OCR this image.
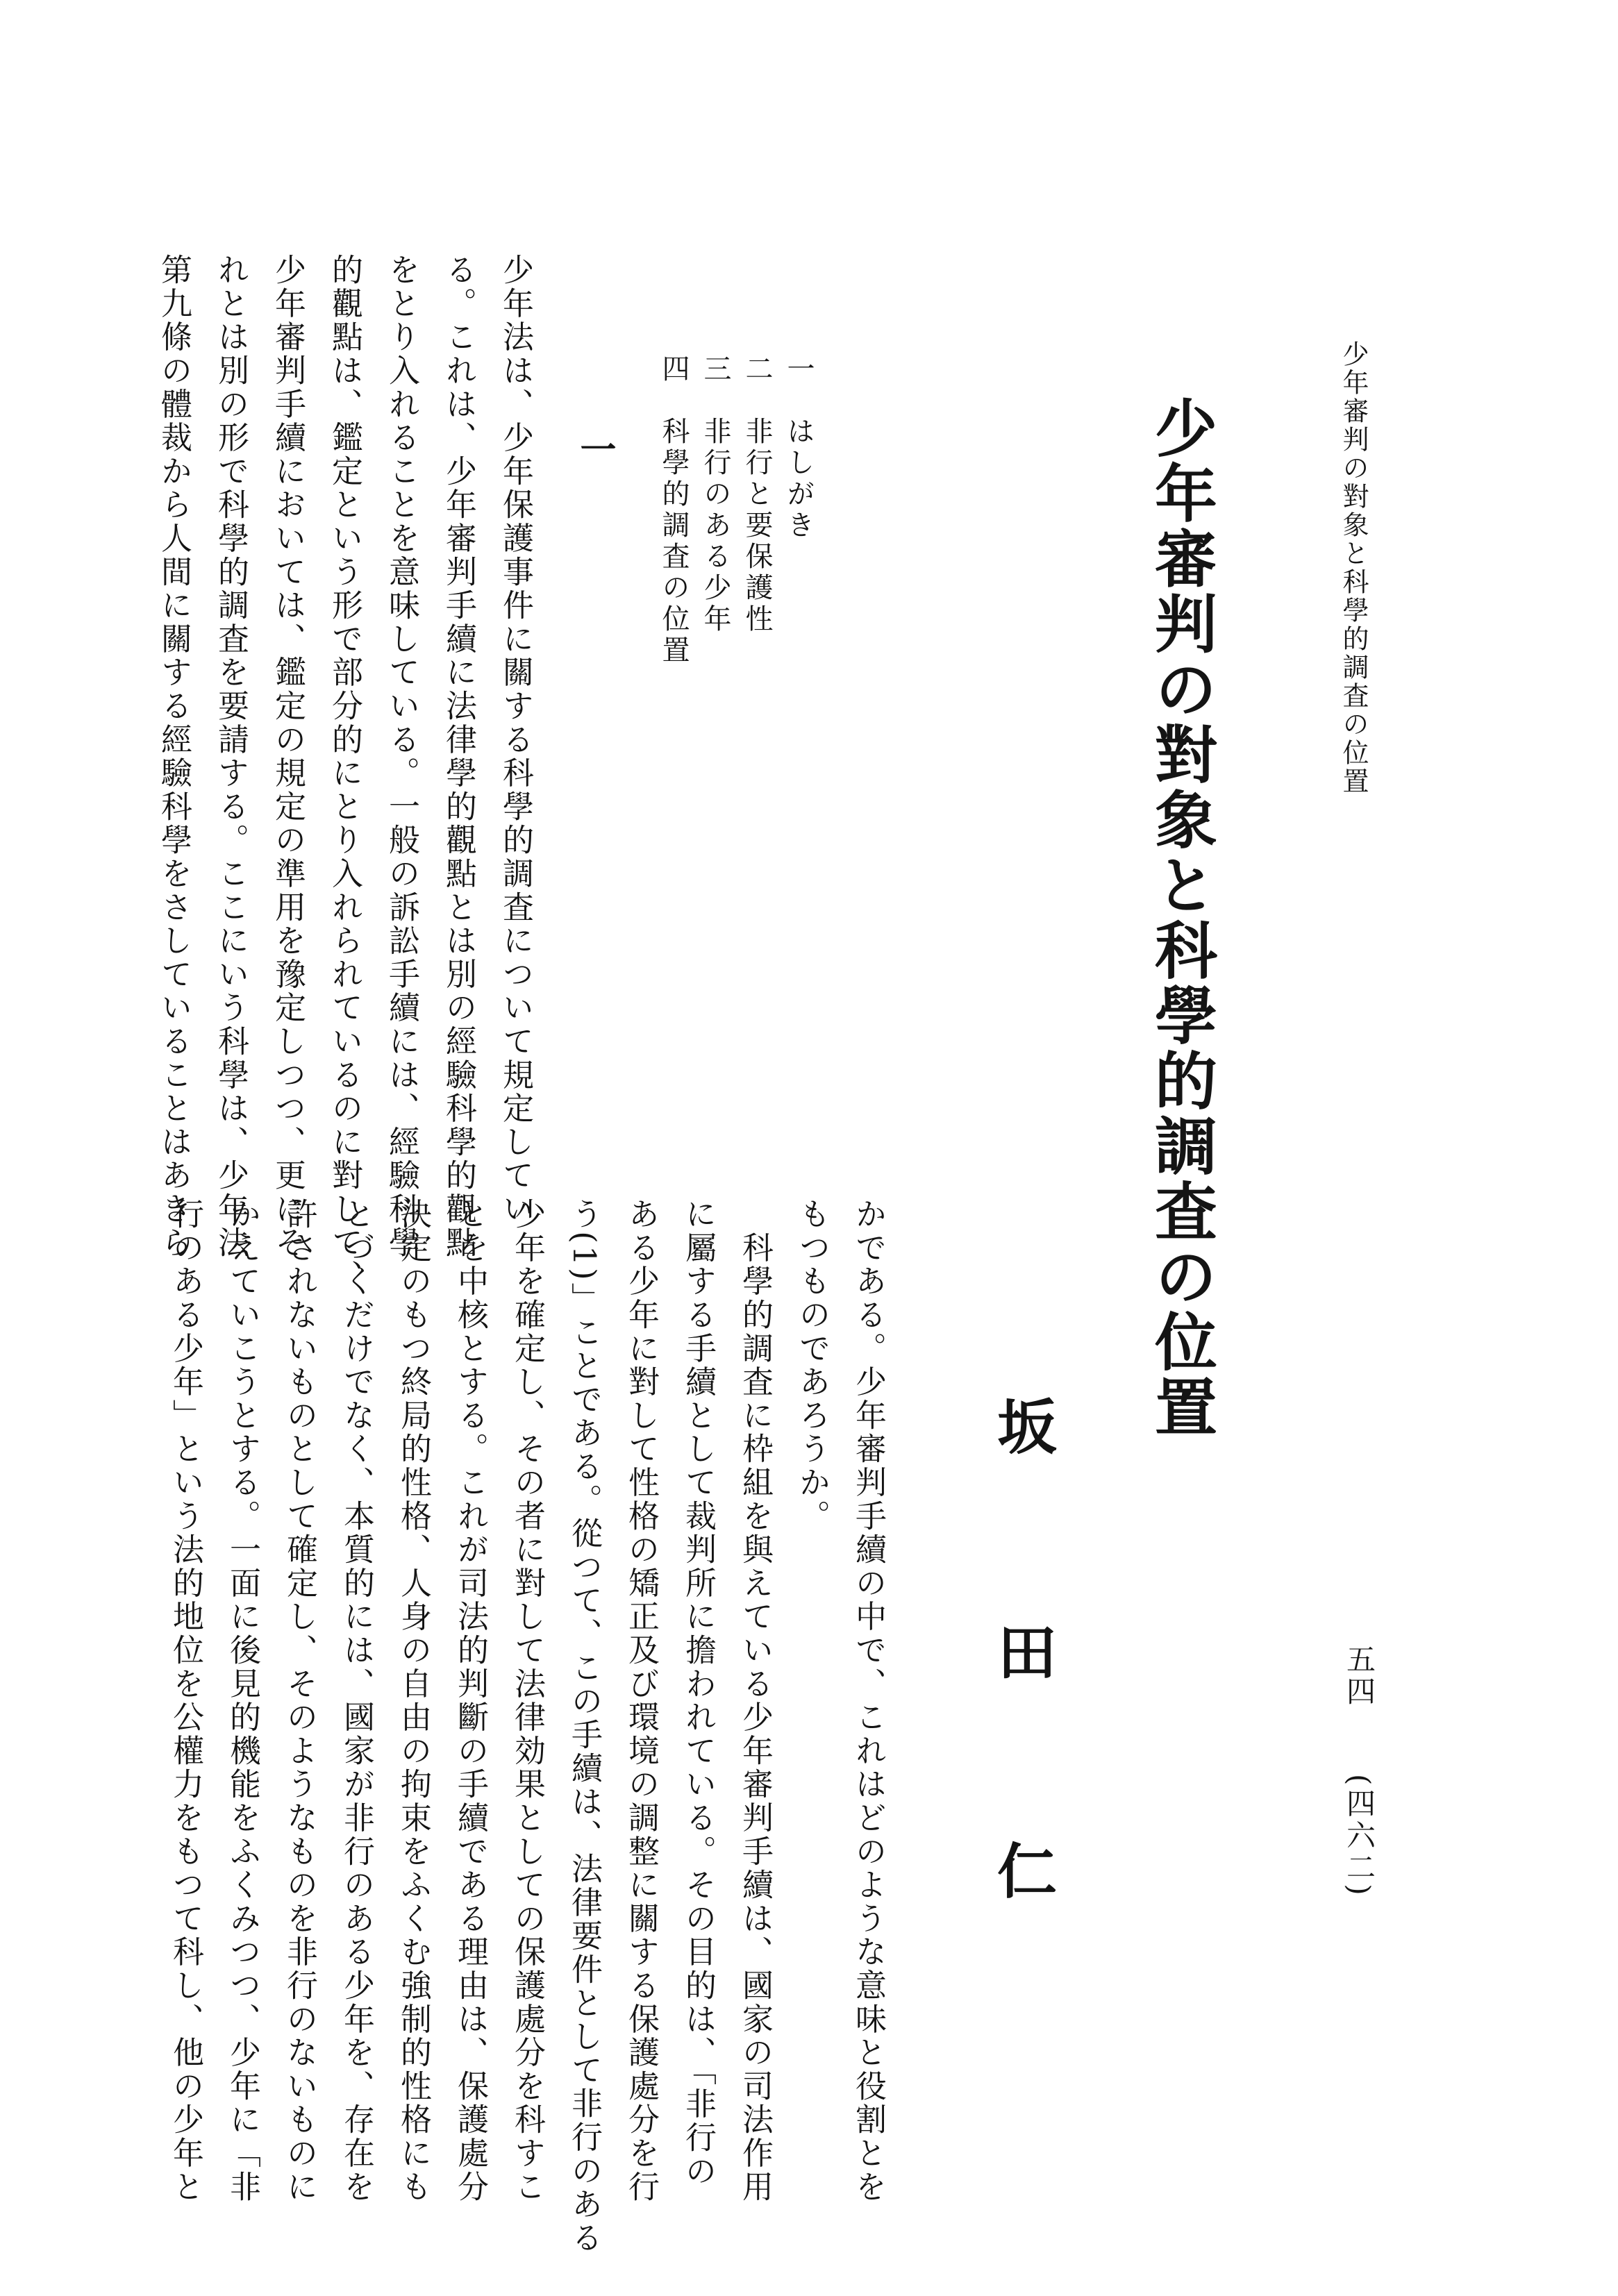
少年審判の對象と科學的調査の位置
五四
(四六二)
少年審判の對象と科學的調査の位置
坂
田
仁
一　はしがき
二　非行と要保護性
三　非行のある少年
四　科學的調査の位置
一
少年法は、少年保護事件に關する科學的調査について規定してい
る。これは、少年審判手續に法律學的觀點とは別の經驗科學的觀點
をとり入れることを意味している。一般の訴訟手續には、經驗科學
的觀點は、鑑定という形で部分的にとり入れられているのに對して、
少年審判手續においては、鑑定の規定の準用を豫定しつつ、更にそ
れとは別の形で科學的調査を要請する。ここにいう科學は、少年法
第九條の體裁から人間に關する經驗科學をさしていることはあきら
かである。少年審判手續の中で、これはどのような意味と役割とを
もつものであろうか。
　科學的調査に枠組を與えている少年審判手續は、國家の司法作用
に屬する手續として裁判所に擔われている。その目的は、「非行の
ある少年に對して性格の矯正及び環境の調整に關する保護處分を行
う(1)」ことである。從つて、この手續は、法律要件として非行のある
少年を確定し、その者に對して法律効果としての保護處分を科すこ
とを中核とする。これが司法的判斷の手續である理由は、保護處分
決定のもつ終局的性格、人身の自由の拘束をふくむ強制的性格にも
とづくだけでなく、本質的には、國家が非行のある少年を、存在を
許されないものとして確定し、そのようなものを非行のないものに
かえていこうとする。一面に後見的機能をふくみつつ、少年に「非
行のある少年」という法的地位を公權力をもつて科し、他の少年と
